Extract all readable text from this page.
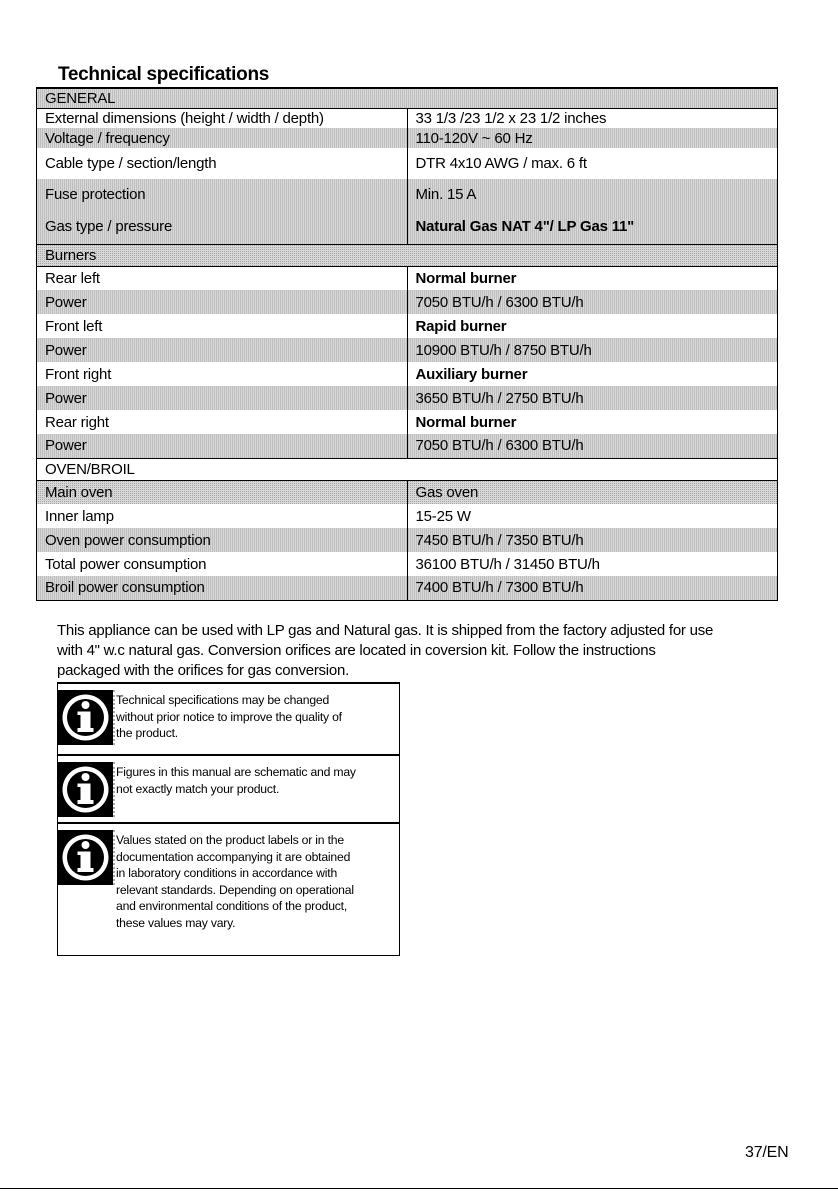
Technical specifications
GENERAL	
External dimensions (height / width / depth)	33 1/3 /23 1/2 x 23 1/2 inches
Voltage / frequency	110-120V ~ 60 Hz
Cable type / section/length	DTR 4x10 AWG / max. 6 ft
Fuse protection	Min. 15 A
Gas type / pressure	Natural Gas NAT 4"/ LP Gas 11"
Burners	
Rear left	Normal burner
Power	7050 BTU/h / 6300 BTU/h
Front left	Rapid burner
Power	10900 BTU/h / 8750 BTU/h
Front right	Auxiliary burner
Power	3650 BTU/h / 2750 BTU/h
Rear right	Normal burner
Power	7050 BTU/h / 6300 BTU/h
OVEN/BROIL	
Main oven	Gas oven
Inner lamp	15-25 W
Oven power consumption	7450 BTU/h / 7350 BTU/h
Total power consumption	36100 BTU/h / 31450 BTU/h
Broil power consumption	7400 BTU/h / 7300 BTU/h
This appliance can be used with LP gas and Natural gas. It is shipped from the factory adjusted for use
with 4" w.c natural gas. Conversion orifices are located in coversion kit. Follow the instructions
packaged with the orifices for gas conversion.
Technical specifications may be changed
without prior notice to improve the quality of
the product.
Figures in this manual are schematic and may
not exactly match your product.
Values stated on the product labels or in the
documentation accompanying it are obtained
in laboratory conditions in accordance with
relevant standards. Depending on operational
and environmental conditions of the product,
these values may vary.
37/EN
